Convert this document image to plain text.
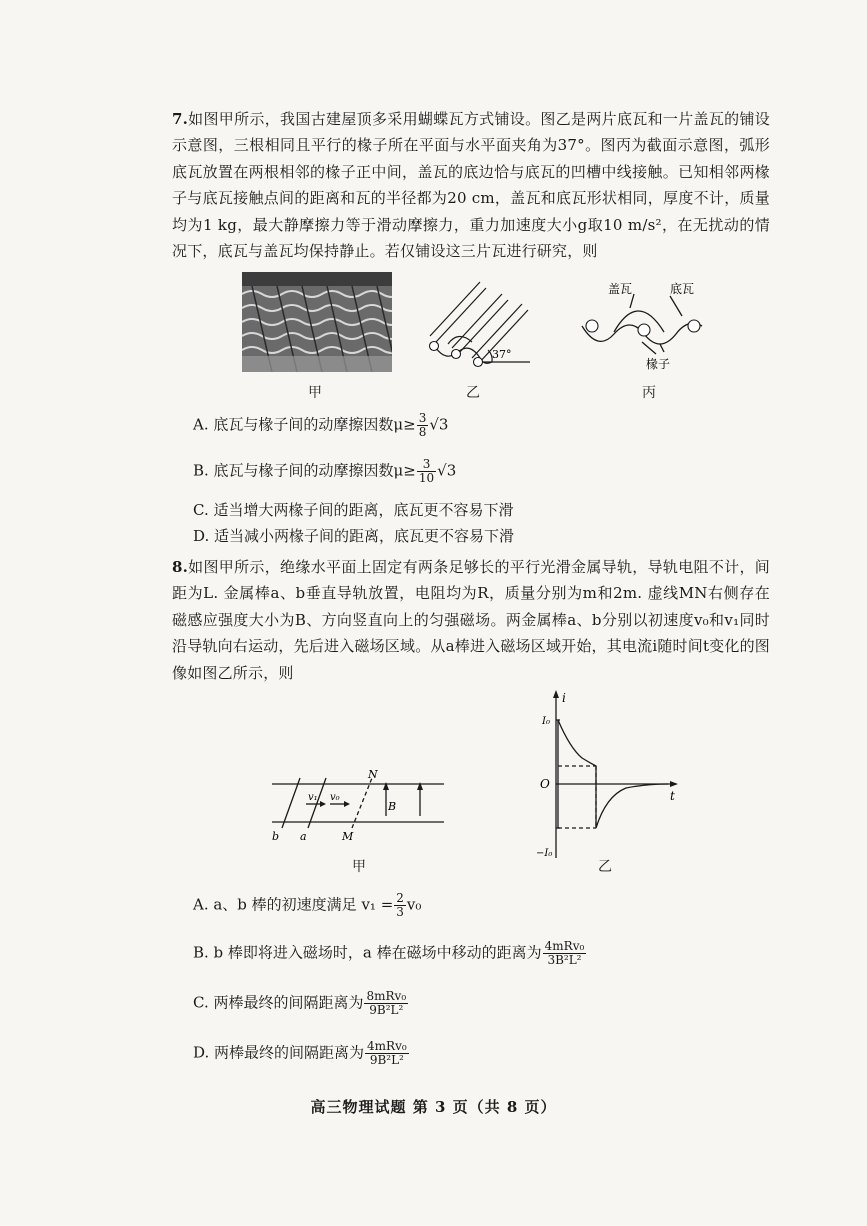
7.如图甲所示，我国古建屋顶多采用蝴蝶瓦方式铺设。图乙是两片底瓦和一片盖瓦的铺设示意图，三根相同且平行的椽子所在平面与水平面夹角为37°。图丙为截面示意图，弧形底瓦放置在两根相邻的椽子正中间，盖瓦的底边恰与底瓦的凹槽中线接触。已知相邻两椽子与底瓦接触点间的距离和瓦的半径都为20 cm，盖瓦和底瓦形状相同，厚度不计，质量均为1 kg，最大静摩擦力等于滑动摩擦力，重力加速度大小g取10 m/s²，在无扰动的情况下，底瓦与盖瓦均保持静止。若仅铺设这三片瓦进行研究，则

甲
37°
乙
盖瓦	底瓦
椽子
丙
A. 底瓦与椽子间的动摩擦因数$\mu\ge \frac{3}{8} √3$
B. 底瓦与椽子间的动摩擦因数$\mu\ge \frac{3}{10} √3$
C. 适当增大两椽子间的距离，底瓦更不容易下滑
D. 适当减小两椽子间的距离，底瓦更不容易下滑

8.如图甲所示，绝缘水平面上固定有两条足够长的平行光滑金属导轨，导轨电阻不计，间距为L. 金属棒a、b垂直导轨放置，电阻均为R，质量分别为m和2m. 虚线MN右侧存在磁感应强度大小为B、方向竖直向上的匀强磁场。两金属棒a、b分别以初速度v₀和v₁同时沿导轨向右运动，先后进入磁场区域。从a棒进入磁场区域开始，其电流i随时间t变化的图像如图乙所示，则

v₁ v₀
N
B
b a	M
甲
i
t
O
I₀
−I₀
乙
A. a、b 棒的初速度满足 $v_1 = \frac{2}{3} v_0$
B. b 棒即将进入磁场时，a 棒在磁场中移动的距离为 $\frac{\text{4mRv₀}}{\text{3B²L²}}$
C. 两棒最终的间隔距离为 $\frac{\text{8mRv₀}}{\text{9B²L²}}$
D. 两棒最终的间隔距离为 $\frac{\text{4mRv₀}}{\text{9B²L²}}$
高三物理试题 第 3 页（共 8 页）
